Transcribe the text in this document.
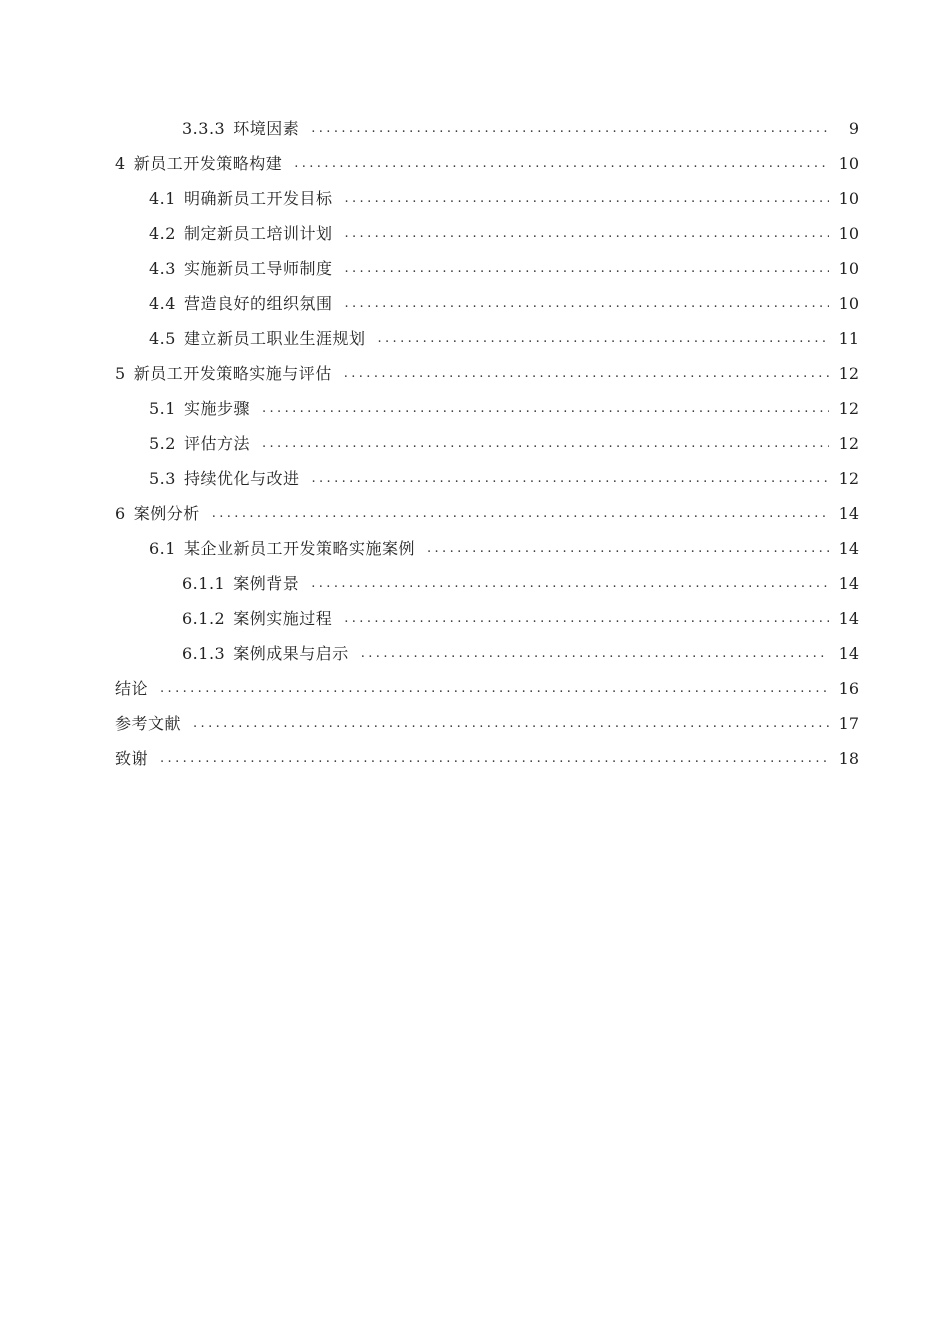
3.3.3 环境因素 .....	9
4 新员工开发策略构建 .....	10
4.1 明确新员工开发目标 .....	10
4.2 制定新员工培训计划 .....	10
4.3 实施新员工导师制度 .....	10
4.4 营造良好的组织氛围 .....	10
4.5 建立新员工职业生涯规划 .....	11
5 新员工开发策略实施与评估 .....	12
5.1 实施步骤 .....	12
5.2 评估方法 .....	12
5.3 持续优化与改进 .....	12
6 案例分析 .....	14
6.1 某企业新员工开发策略实施案例 .....	14
6.1.1 案例背景 .....	14
6.1.2 案例实施过程 .....	14
6.1.3 案例成果与启示 .....	14
结论 .....	16
参考文献 .....	17
致谢 .....	18
